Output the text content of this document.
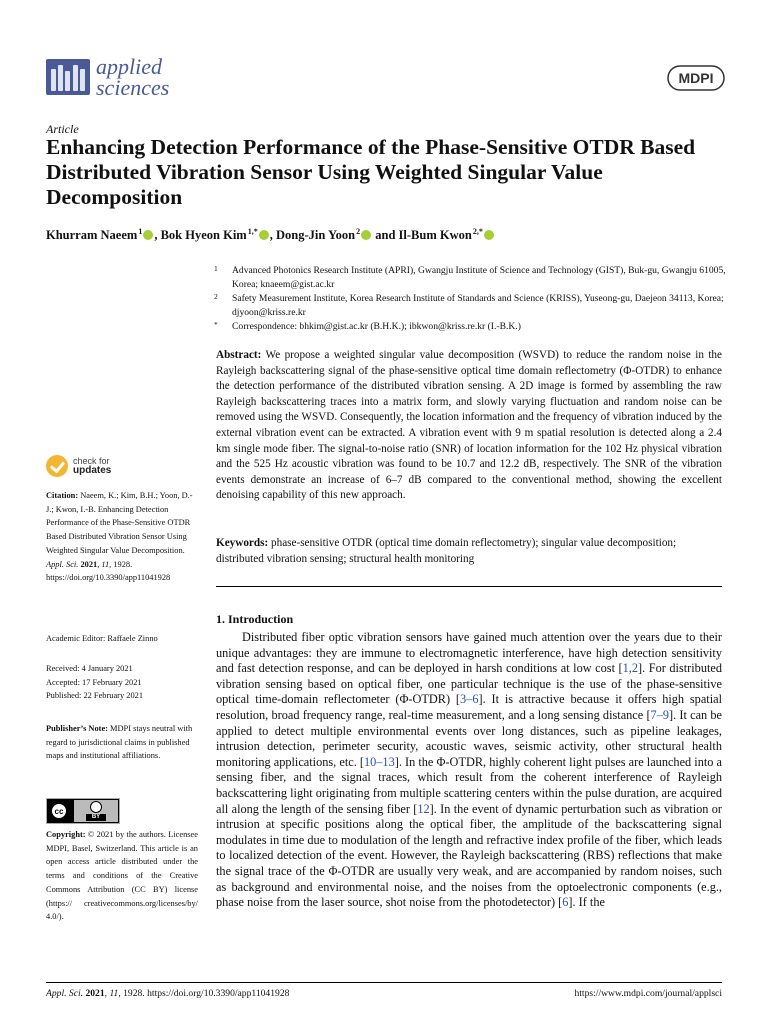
applied
sciences	MDPI
Article
Enhancing Detection Performance of the Phase-Sensitive OTDR Based Distributed Vibration Sensor Using Weighted Singular Value Decomposition
Khurram Naeem $^1$ , Bok Hyeon Kim $^{1,*}$ , Dong-Jin Yoon $^2$ and Il-Bum Kwon $^{2,*}$
1 Advanced Photonics Research Institute (APRI), Gwangju Institute of Science and Technology (GIST), Buk-gu, Gwangju 61005, Korea; knaeem@gist.ac.kr
2 Safety Measurement Institute, Korea Research Institute of Standards and Science (KRISS), Yuseong-gu, Daejeon 34113, Korea; djyoon@kriss.re.kr
* Correspondence: bhkim@gist.ac.kr (B.H.K.); ibkwon@kriss.re.kr (I.-B.K.)
Abstract: We propose a weighted singular value decomposition (WSVD) to reduce the random noise in the Rayleigh backscattering signal of the phase-sensitive optical time domain reflectometry (Φ-OTDR) to enhance the detection performance of the distributed vibration sensing. A 2D image is formed by assembling the raw Rayleigh backscattering traces into a matrix form, and slowly varying fluctuation and random noise can be removed using the WSVD. Consequently, the location information and the frequency of vibration induced by the external vibration event can be extracted. A vibration event with 9 m spatial resolution is detected along a 2.4 km single mode fiber. The signal-to-noise ratio (SNR) of location information for the 102 Hz physical vibration and the 525 Hz acoustic vibration was found to be 10.7 and 12.2 dB, respectively. The SNR of the vibration events demonstrate an increase of 6–7 dB compared to the conventional method, showing the excellent denoising capability of this new approach.
Keywords: phase-sensitive OTDR (optical time domain reflectometry); singular value decomposition; distributed vibration sensing; structural health monitoring
check for
updates
Citation: Naeem, K.; Kim, B.H.; Yoon, D.-J.; Kwon, I.-B. Enhancing Detection Performance of the Phase-Sensitive OTDR Based Distributed Vibration Sensor Using Weighted Singular Value Decomposition. Appl. Sci. 2021, 11, 1928. https://doi.org/10.3390/app11041928
Academic Editor: Raffaele Zinno
Received: 4 January 2021
Accepted: 17 February 2021
Published: 22 February 2021
Publisher’s Note: MDPI stays neutral with regard to jurisdictional claims in published maps and institutional affiliations.
cc
BY
Copyright: © 2021 by the authors. Licensee MDPI, Basel, Switzerland. This article is an open access article distributed under the terms and conditions of the Creative Commons Attribution (CC BY) license (https:// creativecommons.org/licenses/by/ 4.0/).
1. Introduction
Distributed fiber optic vibration sensors have gained much attention over the years due to their unique advantages: they are immune to electromagnetic interference, have high detection sensitivity and fast detection response, and can be deployed in harsh conditions at low cost [1,2]. For distributed vibration sensing based on optical fiber, one particular technique is the use of the phase-sensitive optical time-domain reflectometer (Φ-OTDR) [3–6]. It is attractive because it offers high spatial resolution, broad frequency range, real-time measurement, and a long sensing distance [7–9]. It can be applied to detect multiple environmental events over long distances, such as pipeline leakages, intrusion detection, perimeter security, acoustic waves, seismic activity, other structural health monitoring applications, etc. [10–13]. In the Φ-OTDR, highly coherent light pulses are launched into a sensing fiber, and the signal traces, which result from the coherent interference of Rayleigh backscattering light originating from multiple scattering centers within the pulse duration, are acquired all along the length of the sensing fiber [12]. In the event of dynamic perturbation such as vibration or intrusion at specific positions along the optical fiber, the amplitude of the backscattering signal modulates in time due to modulation of the length and refractive index profile of the fiber, which leads to localized detection of the event. However, the Rayleigh backscattering (RBS) reflections that make the signal trace of the Φ-OTDR are usually very weak, and are accompanied by random noises, such as background and environmental noise, and the noises from the optoelectronic components (e.g., phase noise from the laser source, shot noise from the photodetector) [6]. If the
Appl. Sci. 2021, 11, 1928. https://doi.org/10.3390/app11041928	https://www.mdpi.com/journal/applsci
